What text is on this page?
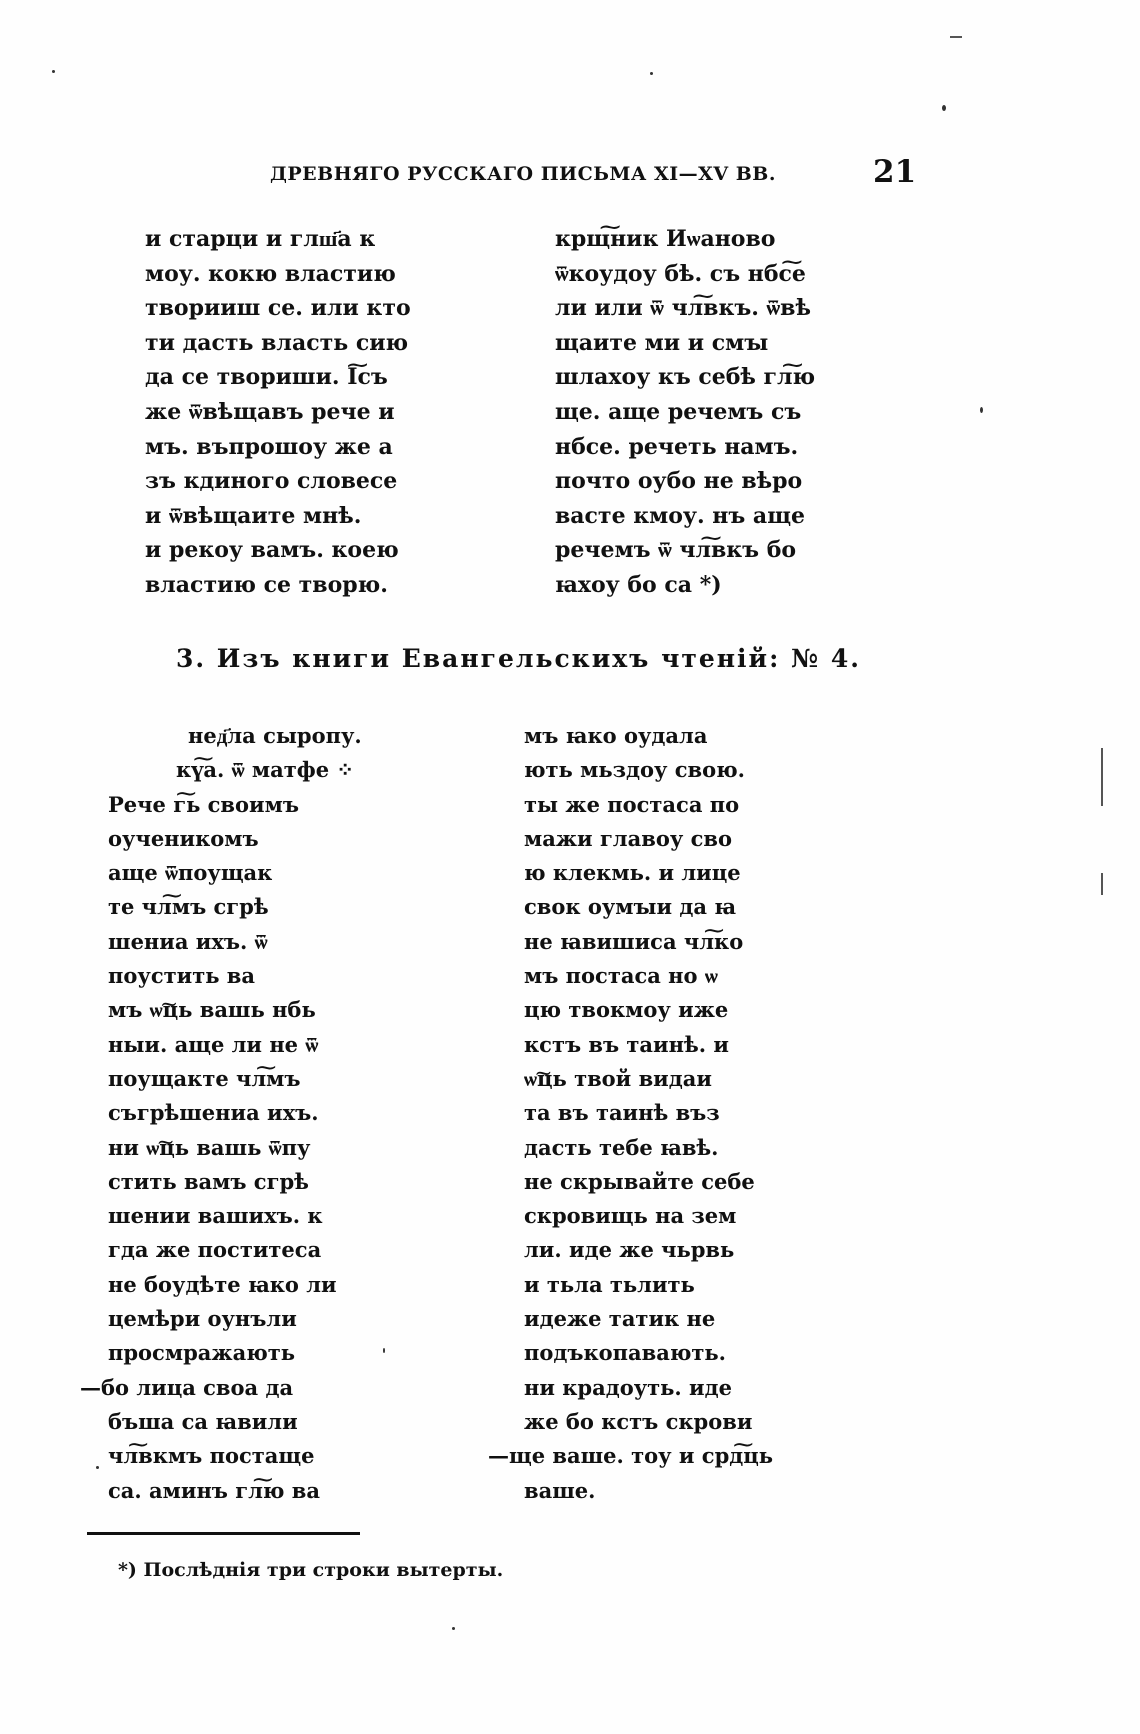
ДРЕВНЯГО РУССКАГО ПИСЬМА XI—XV ВВ.	21
и старци и глш҃а к
моу. кокю властию
творииш се. или кто
ти дасть власть сию
да се твориши. І͠съ
же ѿвѣщавъ рече и
мъ. въпрошоу же а
зъ кдиного словесе
и ѿвѣщаите мнѣ.
и рекоу вамъ. коею
властию се творю.
крщ͠ник Иѡаново
ѿкоудоу бѣ. съ нбс͠е
ли или ѿ чл͠вкъ. ѿвѣ
щаите ми и смꙑ
шлахоу къ себѣ гл͠ю
ще. аще речемъ съ
нбсе. речеть намъ.
почто оубо не вѣро
васте кмоу. нъ аще
речемъ ѿ чл͠вкъ бо
ꙗхоу бо са *)
3. Изъ книги Евангельскихъ чтеній: № 4.
нед҃ла сыропу.
кү͠а. ѿ матфе ⁘
Рече г͠ь своимъ
оученикомъ
аще ѿпоущак
те чл͠мъ сгрѣ
шениа ихъ. ѿ
поустить ва
мъ ѡ͠ць вашь нбь
ныи. аще ли не ѿ
поущакте чл͠мъ
съгрѣшениа ихъ.
ни ѡ͠ць вашь ѿпу
стить вамъ сгрѣ
шении вашихъ. к
гда же поститеса
не боудѣте ꙗко ли
цемѣри оунъли
просмражають
—бо лица своа да
бъша са ꙗвили
чл͠вкмъ постаще
са. аминъ гл͠ю ва
мъ ꙗко оудала
ють мьздоу свою.
ты же постаса по
мажи главоу сво
ю клекмь. и лице
свок оумꙑи да ꙗ
не ꙗвишиса чл͠ко
мъ постаса но ѡ
цю твокмоу иже
кстъ въ таинѣ. и
ѡ͠ць твой видаи
та въ таинѣ въз
дасть тебе ꙗвѣ.
не скрывайте себе
скровищь на зем
ли. иде же чьрвь
и тьла тьлить
идеже татик не
подъкопавають.
ни крадоуть. иде
же бо кстъ скрови
—ще ваше. тоу и срд͠ць
ваше.
*) Послѣднія три строки вытерты.
